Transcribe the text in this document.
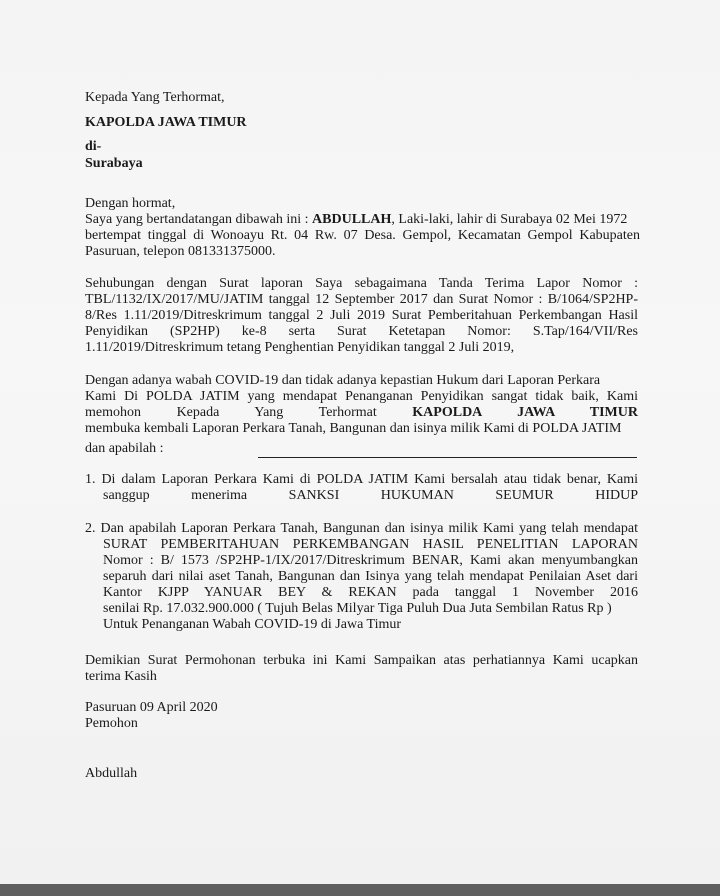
Kepada Yang Terhormat,
KAPOLDA JAWA TIMUR
di-
Surabaya
Dengan hormat,
Saya yang bertandatangan dibawah ini : ABDULLAH, Laki-laki, lahir di Surabaya 02 Mei 1972
bertempat tinggal di Wonoayu Rt. 04 Rw. 07 Desa. Gempol, Kecamatan Gempol Kabupaten
Pasuruan, telepon 081331375000.
Sehubungan dengan Surat laporan Saya sebagaimana Tanda Terima Lapor Nomor :
TBL/1132/IX/2017/MU/JATIM tanggal 12 September 2017 dan Surat Nomor : B/1064/SP2HP-
8/Res 1.11/2019/Ditreskrimum tanggal 2 Juli 2019 Surat Pemberitahuan Perkembangan Hasil
Penyidikan (SP2HP) ke-8 serta Surat Ketetapan Nomor: S.Tap/164/VII/Res
1.11/2019/Ditreskrimum tetang Penghentian Penyidikan tanggal 2 Juli 2019,
Dengan adanya wabah COVID-19 dan tidak adanya kepastian Hukum dari Laporan Perkara
Kami Di POLDA JATIM yang mendapat Penanganan Penyidikan sangat tidak baik, Kami
memohon Kepada Yang Terhormat KAPOLDA JAWA TIMUR
membuka kembali Laporan Perkara Tanah, Bangunan dan isinya milik Kami di POLDA JATIM
dan apabilah :
1. Di dalam Laporan Perkara Kami di POLDA JATIM Kami bersalah atau tidak benar, Kami
sanggup menerima SANKSI HUKUMAN SEUMUR HIDUP
2. Dan apabilah Laporan Perkara Tanah, Bangunan dan isinya milik Kami yang telah mendapat
SURAT PEMBERITAHUAN PERKEMBANGAN HASIL PENELITIAN LAPORAN
Nomor : B/ 1573 /SP2HP-1/IX/2017/Ditreskrimum BENAR, Kami akan menyumbangkan
separuh dari nilai aset Tanah, Bangunan dan Isinya yang telah mendapat Penilaian Aset dari
Kantor KJPP YANUAR BEY & REKAN pada tanggal 1 November 2016
senilai Rp. 17.032.900.000 ( Tujuh Belas Milyar Tiga Puluh Dua Juta Sembilan Ratus Rp )
Untuk Penanganan Wabah COVID-19 di Jawa Timur
Demikian Surat Permohonan terbuka ini Kami Sampaikan atas perhatiannya Kami ucapkan
terima Kasih
Pasuruan 09 April 2020
Pemohon
Abdullah
